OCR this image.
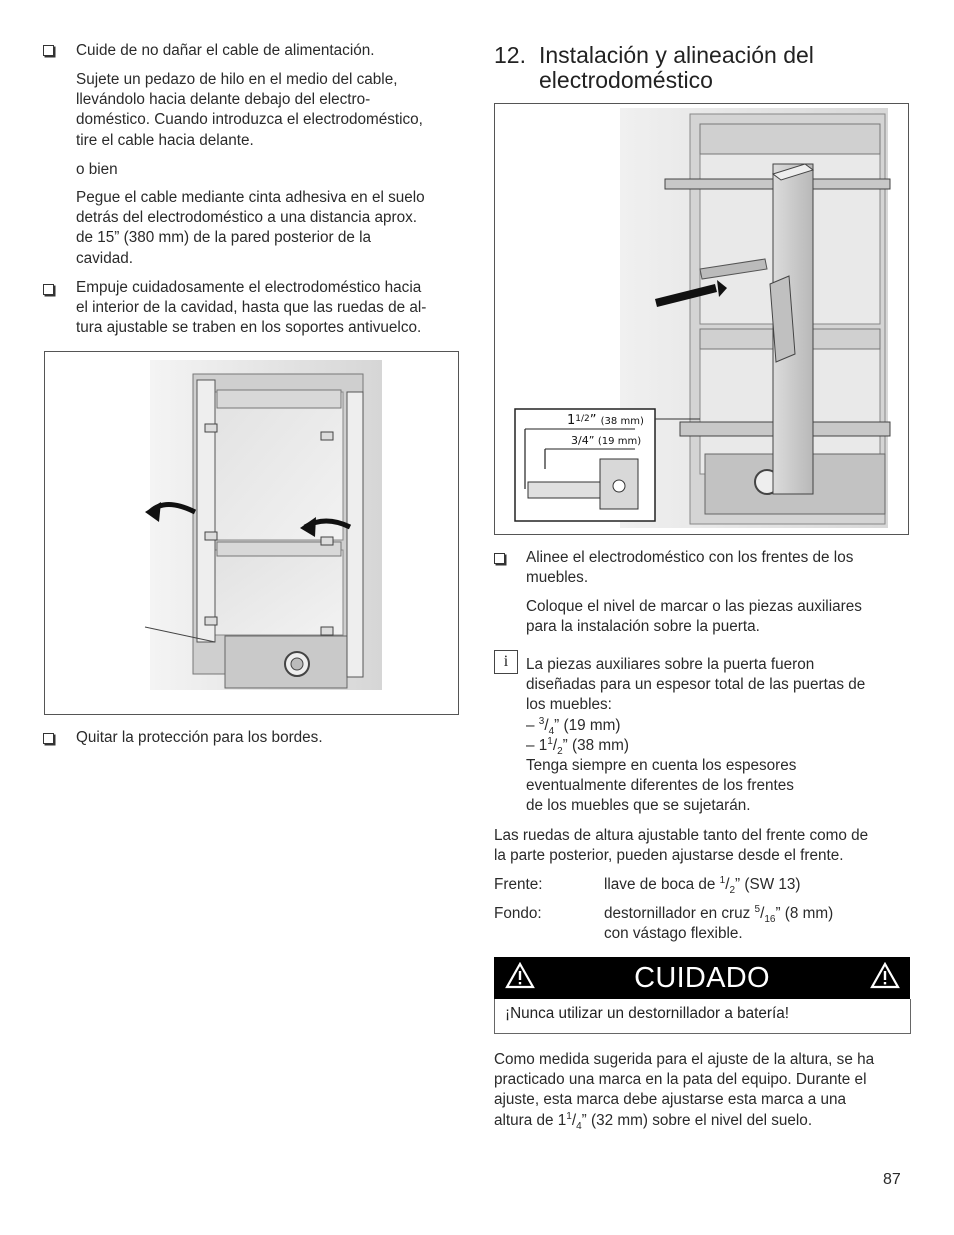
Cuide de no dañar el cable de alimentación.
Sujete un pedazo de hilo en el medio del cable,
llevándolo hacia delante debajo del electro-
doméstico. Cuando introduzca el electrodoméstico,
tire el cable hacia delante.
o bien
Pegue el cable mediante cinta adhesiva en el suelo
detrás del electrodoméstico a una distancia aprox.
de 15” (380 mm) de la pared posterior de la
cavidad.
Empuje cuidadosamente el electrodoméstico hacia
el interior de la cavidad, hasta que las ruedas de al-
tura ajustable se traben en los soportes antivuelco.
Quitar la protección para los bordes.
12. Instalación y alineación del
electrodoméstico
$1^{1/2}$” (38 mm)
3/4” (19 mm)
Alinee el electrodoméstico con los frentes de los
muebles.
Coloque el nivel de marcar o las piezas auxiliares
para la instalación sobre la puerta.
i	La piezas auxiliares sobre la puerta fueron
diseñadas para un espesor total de las puertas de
los muebles:
– $^3/_4$” (19 mm)
– $1^1/_2$” (38 mm)
Tenga siempre en cuenta los espesores
eventualmente diferentes de los frentes
de los muebles que se sujetarán.
Las ruedas de altura ajustable tanto del frente como de
la parte posterior, pueden ajustarse desde el frente.
Frente:	llave de boca de $^1/_2$” (SW 13)
Fondo:	destornillador en cruz $^5/_{16}$” (8 mm)
con vástago flexible.
CUIDADO
¡Nunca utilizar un destornillador a batería!
Como medida sugerida para el ajuste de la altura, se ha
practicado una marca en la pata del equipo. Durante el
ajuste, esta marca debe ajustarse esta marca a una
altura de $1^1/_4$” (32 mm) sobre el nivel del suelo.
87
